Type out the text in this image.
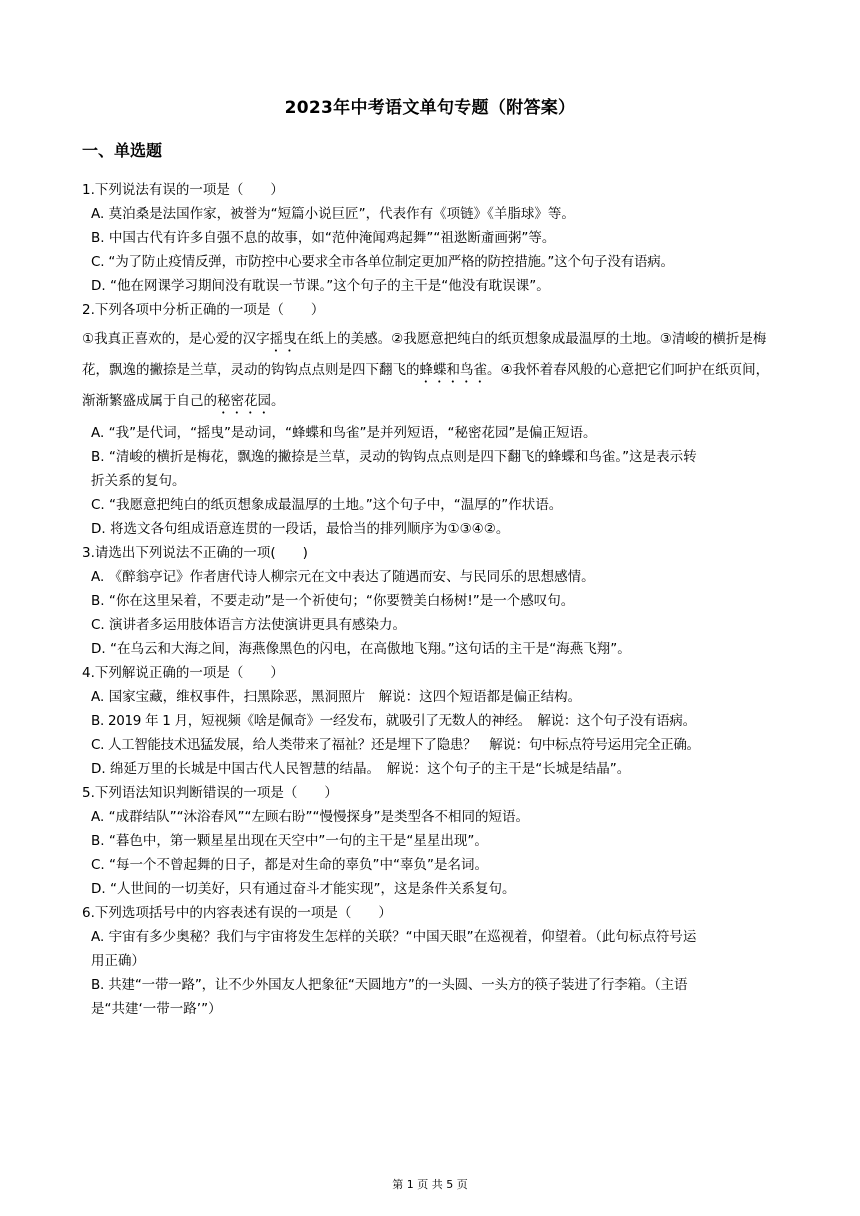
2023年中考语文单句专题（附答案）
一、单选题
1.下列说法有误的一项是（　　）
A. 莫泊桑是法国作家，被誉为“短篇小说巨匠”，代表作有《项链》《羊脂球》等。
B. 中国古代有许多自强不息的故事，如“范仲淹闻鸡起舞”“祖逖断齑画粥”等。
C. “为了防止疫情反弹，市防控中心要求全市各单位制定更加严格的防控措施。”这个句子没有语病。
D. “他在网课学习期间没有耽误一节课。”这个句子的主干是“他没有耽误课”。
2.下列各项中分析正确的一项是（　　）
①我真正喜欢的，是心爱的汉字摇曳在纸上的美感。②我愿意把纯白的纸页想象成最温厚的土地。③清峻的横折是梅花，飘逸的撇捺是兰草，灵动的钩钩点点则是四下翻飞的蜂蝶和鸟雀。④我怀着春风般的心意把它们呵护在纸页间，渐渐繁盛成属于自己的秘密花园。
A. “我”是代词，“摇曳”是动词，“蜂蝶和鸟雀”是并列短语，“秘密花园”是偏正短语。
B. “清峻的横折是梅花，飘逸的撇捺是兰草，灵动的钩钩点点则是四下翻飞的蜂蝶和鸟雀。”这是表示转
折关系的复句。
C. “我愿意把纯白的纸页想象成最温厚的土地。”这个句子中，“温厚的”作状语。
D. 将选文各句组成语意连贯的一段话，最恰当的排列顺序为①③④②。
3.请选出下列说法不正确的一项(　　)
A. 《醉翁亭记》作者唐代诗人柳宗元在文中表达了随遇而安、与民同乐的思想感情。
B. “你在这里呆着，不要走动”是一个祈使句；“你要赞美白杨树!”是一个感叹句。
C. 演讲者多运用肢体语言方法使演讲更具有感染力。
D. “在乌云和大海之间，海燕像黑色的闪电，在高傲地飞翔。”这句话的主干是“海燕飞翔”。
4.下列解说正确的一项是（　　）
A. 国家宝藏，维权事件，扫黑除恶，黑洞照片　解说：这四个短语都是偏正结构。
B. 2019 年 1 月，短视频《啥是佩奇》一经发布，就吸引了无数人的神经。　解说：这个句子没有语病。
C. 人工智能技术迅猛发展，给人类带来了福祉？还是埋下了隐患？　解说：句中标点符号运用完全正确。
D. 绵延万里的长城是中国古代人民智慧的结晶。　解说：这个句子的主干是“长城是结晶”。
5.下列语法知识判断错误的一项是（　　）
A. “成群结队”“沐浴春风”“左顾右盼”“慢慢探身”是类型各不相同的短语。
B. “暮色中，第一颗星星出现在天空中”一句的主干是“星星出现”。
C. “每一个不曾起舞的日子，都是对生命的辜负”中“辜负”是名词。
D. “人世间的一切美好，只有通过奋斗才能实现”，这是条件关系复句。
6.下列选项括号中的内容表述有误的一项是（　　）
A. 宇宙有多少奥秘？我们与宇宙将发生怎样的关联？“中国天眼”在巡视着，仰望着。（此句标点符号运
用正确）
B. 共建“一带一路”，让不少外国友人把象征“天圆地方”的一头圆、一头方的筷子装进了行李箱。（主语
是“共建‘一带一路’”）
第 1 页 共 5 页
